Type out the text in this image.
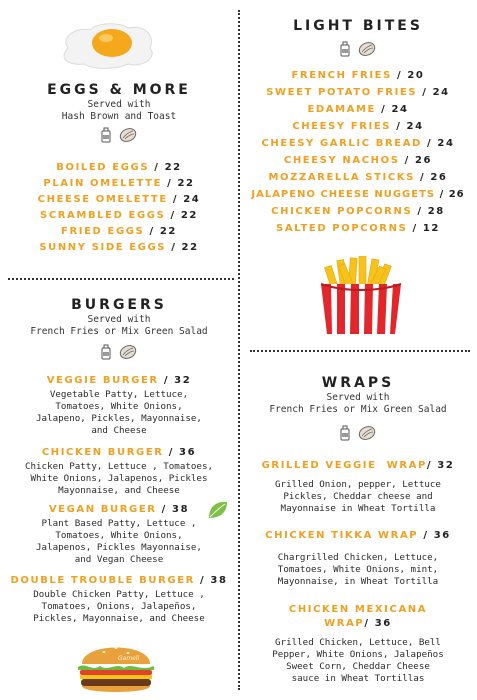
EGGS & MORE
Served with
Hash Brown and Toast
BOILED EGGS / 22
PLAIN OMELETTE / 22
CHEESE OMELETTE / 24
SCRAMBLED EGGS / 22
FRIED EGGS / 22
SUNNY SIDE EGGS / 22
BURGERS
Served with
French Fries or Mix Green Salad
VEGGIE BURGER / 32
Vegetable Patty, Lettuce,
Tomatoes, White Onions,
Jalapeno, Pickles, Mayonnaise,
and Cheese
CHICKEN BURGER / 36
Chicken Patty, Lettuce , Tomatoes,
White Onions, Jalapenos, Pickles
Mayonnaise, and Cheese
VEGAN BURGER / 38
Plant Based Patty, Lettuce ,
Tomatoes, White Onions,
Jalapenos, Pickles Mayonnaise,
and Vegan Cheese
DOUBLE TROUBLE BURGER / 38
Double Chicken Patty, Lettuce ,
Tomatoes, Onions, Jalapeños,
Pickles, Mayonnaise, and Cheese
Gameli
LIGHT BITES
FRENCH FRIES / 20
SWEET POTATO FRIES / 24
EDAMAME / 24
CHEESY FRIES / 24
CHEESY GARLIC BREAD / 24
CHEESY NACHOS / 26
MOZZARELLA STICKS / 26
JALAPENO CHEESE NUGGETS / 26
CHICKEN POPCORNS / 28
SALTED POPCORNS / 12
WRAPS
Served with
French Fries or Mix Green Salad
GRILLED VEGGIE  WRAP/ 32
Grilled Onion, pepper, Lettuce
Pickles, Cheddar cheese and
Mayonnaise in Wheat Tortilla
CHICKEN TIKKA WRAP / 36
Chargrilled Chicken, Lettuce,
Tomatoes, White Onions, mint,
Mayonnaise, in Wheat Tortilla
CHICKEN MEXICANA
WRAP/ 36
Grilled Chicken, Lettuce, Bell
Pepper, White Onions, Jalapeños
Sweet Corn, Cheddar Cheese
sauce in Wheat Tortillas
